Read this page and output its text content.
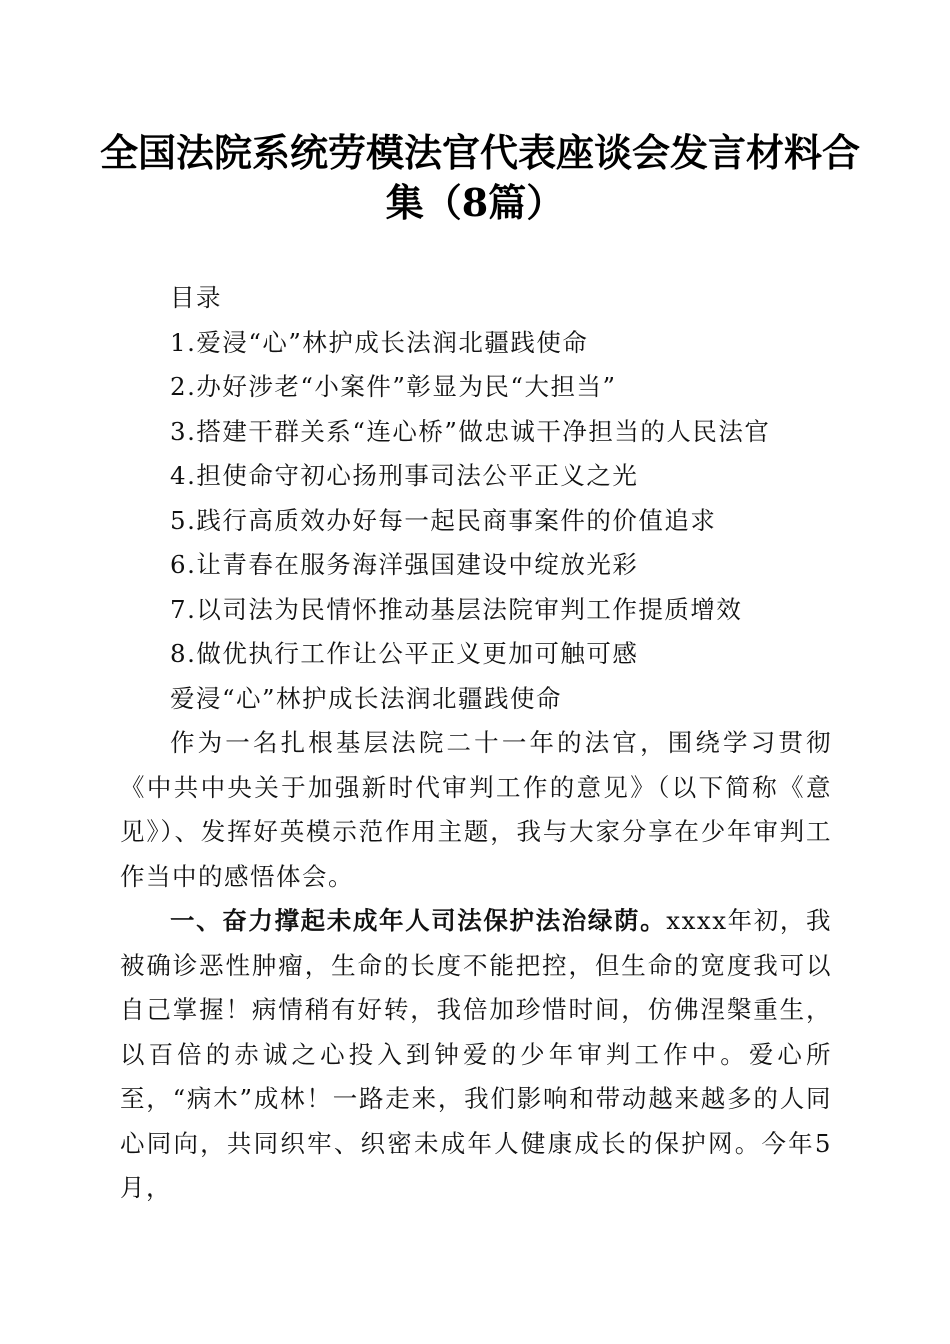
全国法院系统劳模法官代表座谈会发言材料合
集（8篇）

目录

1.爱浸“心”林护成长法润北疆践使命

2.办好涉老“小案件”彰显为民“大担当”

3.搭建干群关系“连心桥”做忠诚干净担当的人民法官

4.担使命守初心扬刑事司法公平正义之光

5.践行高质效办好每一起民商事案件的价值追求

6.让青春在服务海洋强国建设中绽放光彩

7.以司法为民情怀推动基层法院审判工作提质增效

8.做优执行工作让公平正义更加可触可感

爱浸“心”林护成长法润北疆践使命

作为一名扎根基层法院二十一年的法官，围绕学习贯彻《中共中央关于加强新时代审判工作的意见》（以下简称《意见》）、发挥好英模示范作用主题，我与大家分享在少年审判工作当中的感悟体会。

一、奋力撑起未成年人司法保护法治绿荫。xxxx年初，我被确诊恶性肿瘤，生命的长度不能把控，但生命的宽度我可以自己掌握！病情稍有好转，我倍加珍惜时间，仿佛涅槃重生，以百倍的赤诚之心投入到钟爱的少年审判工作中。爱心所至，“病木”成林！一路走来，我们影响和带动越来越多的人同心同向，共同织牢、织密未成年人健康成长的保护网。今年5月，
